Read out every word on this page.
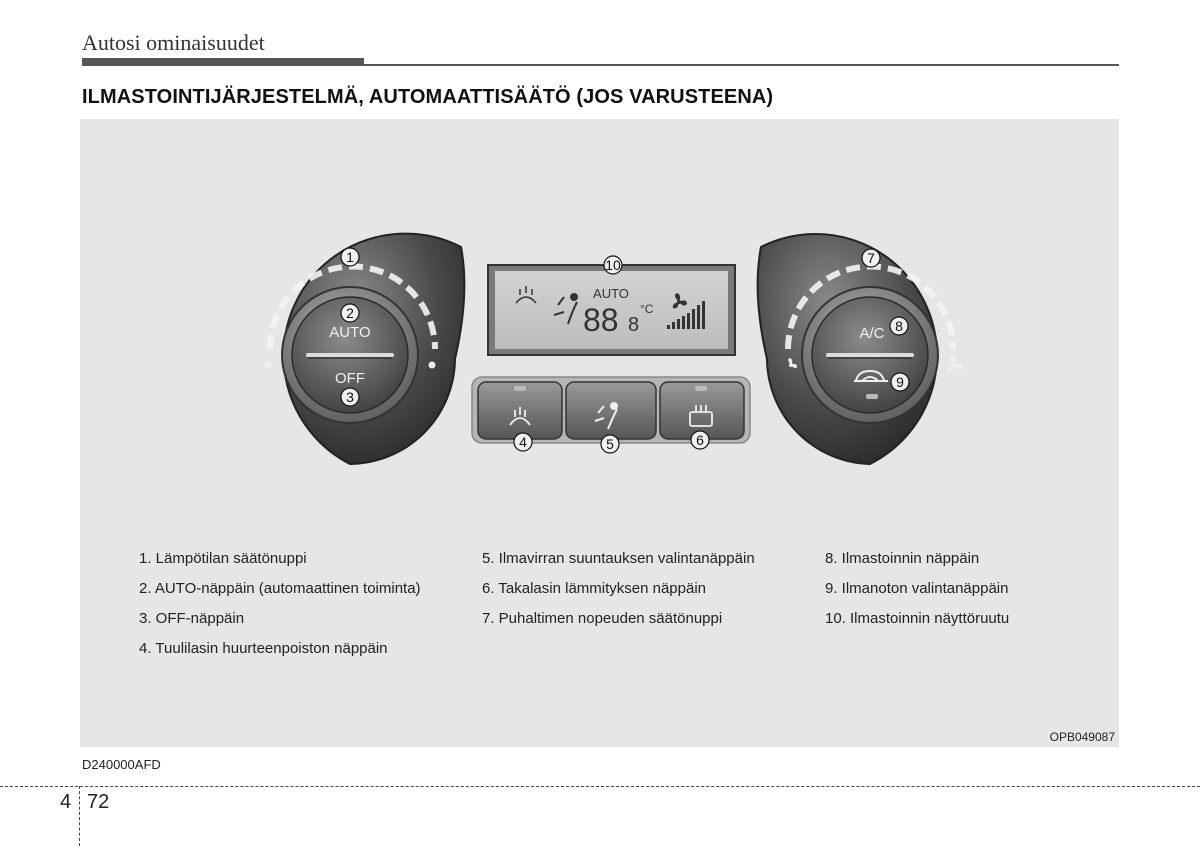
Autosi ominaisuudet
ILMASTOINTIJÄRJESTELMÄ, AUTOMAATTISÄÄTÖ (JOS VARUSTEENA)
AUTO
OFF
AUTO
88 8
°C
A/C
1
2
3
4	5	6
7
8
9
10
1. Lämpötilan säätönuppi
2. AUTO-näppäin (automaattinen toiminta)
3. OFF-näppäin
4. Tuulilasin huurteenpoiston näppäin
5. Ilmavirran suuntauksen valintanäppäin
6. Takalasin lämmityksen näppäin
7. Puhaltimen nopeuden säätönuppi
8. Ilmastoinnin näppäin
9. Ilmanoton valintanäppäin
10. Ilmastoinnin näyttöruutu
OPB049087
D240000AFD
4 72
